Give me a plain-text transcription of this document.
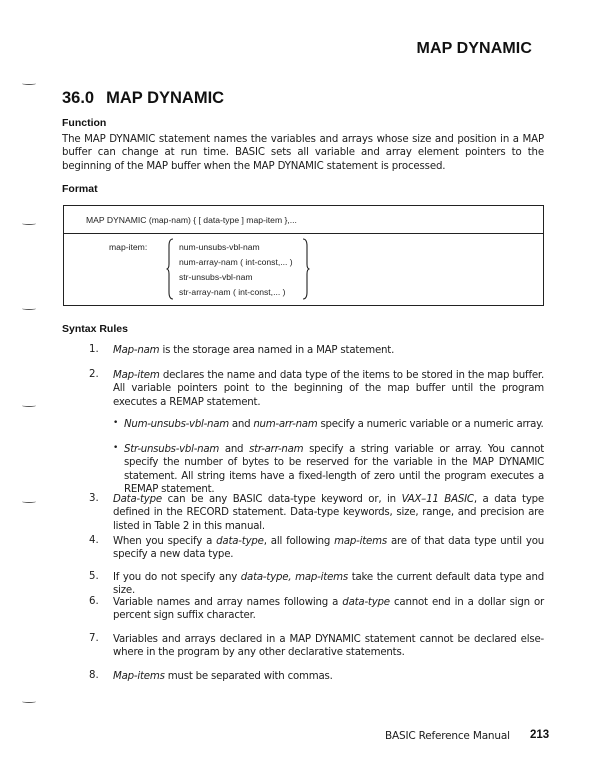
MAP DYNAMIC
36.0 MAP DYNAMIC
Function
The MAP DYNAMIC statement names the variables and arrays whose size and position in a MAP buffer can change at run time. BASIC sets all variable and array element pointers to the beginning of the MAP buffer when the MAP DYNAMIC statement is processed.
Format
MAP DYNAMIC (map-nam) { [ data-type ] map-item },...
map-item:	num-unsubs-vbl-nam
num-array-nam ( int-const,... )
str-unsubs-vbl-nam
str-array-nam ( int-const,... )
Syntax Rules
1. Map-nam is the storage area named in a MAP statement.
2. Map-item declares the name and data type of the items to be stored in the map buffer. All variable pointers point to the beginning of the map buffer until the program executes a REMAP statement.
• Num-unsubs-vbl-nam and num-arr-nam specify a numeric variable or a numeric array.
• Str-unsubs-vbl-nam and str-arr-nam specify a string variable or array. You cannot specify the number of bytes to be reserved for the variable in the MAP DYNAMIC statement. All string items have a fixed-length of zero until the program executes a REMAP statement.
3. Data-type can be any BASIC data-type keyword or, in VAX–11 BASIC, a data type defined in the RECORD statement. Data-type keywords, size, range, and precision are listed in Table 2 in this manual.
4. When you specify a data-type, all following map-items are of that data type until you specify a new data type.
5. If you do not specify any data-type, map-items take the current default data type and size.
6. Variable names and array names following a data-type cannot end in a dollar sign or percent sign suffix character.
7. Variables and arrays declared in a MAP DYNAMIC statement cannot be declared else-where in the program by any other declarative statements.
8. Map-items must be separated with commas.
BASIC Reference Manual 213
